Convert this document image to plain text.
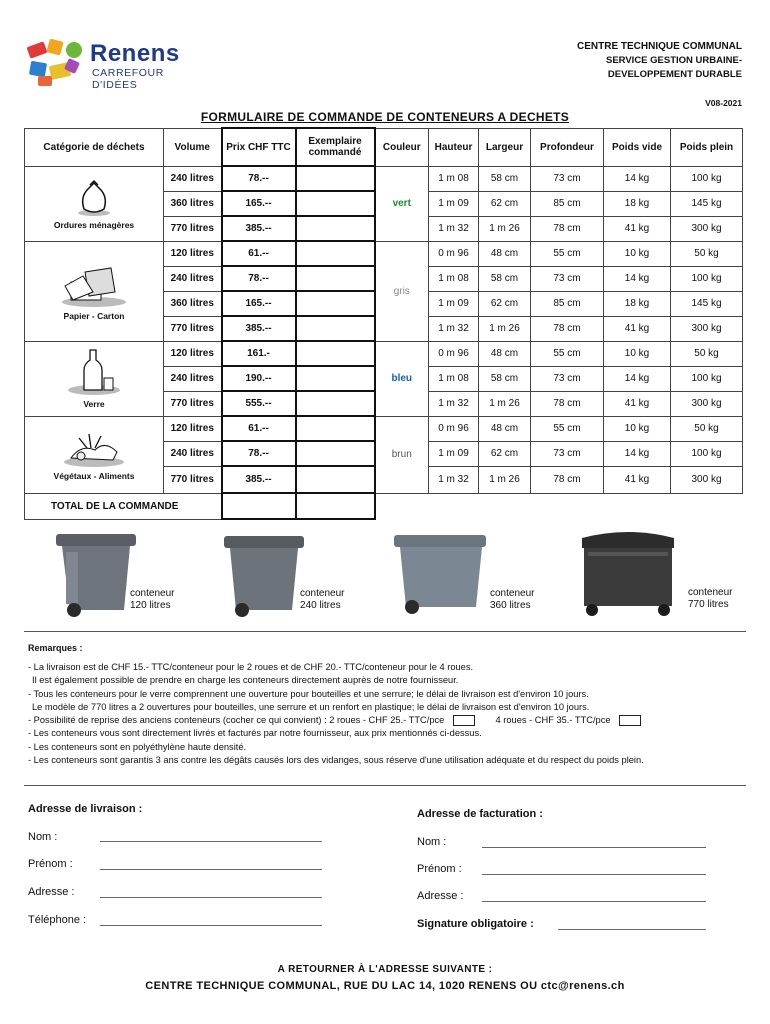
Renens
CARREFOUR D'IDÉES
CENTRE TECHNIQUE COMMUNAL
SERVICE GESTION URBAINE-
DEVELOPPEMENT DURABLE
V08-2021
FORMULAIRE DE COMMANDE DE CONTENEURS A DECHETS
Catégorie de déchets	Volume	Prix CHF TTC	Exemplaire commandé	Couleur	Hauteur	Largeur	Profondeur	Poids vide	Poids plein

Ordures ménagères	240 litres	78.--		vert	1 m 08	58 cm	73 cm	14 kg	100 kg
	360 litres	165.--			1 m 09	62 cm	85 cm	18 kg	145 kg
	770 litres	385.--			1 m 32	1 m 26	78 cm	41 kg	300 kg

Papier - Carton	120 litres	61.--		gris	0 m 96	48 cm	55 cm	10 kg	50 kg
	240 litres	78.--			1 m 08	58 cm	73 cm	14 kg	100 kg
	360 litres	165.--			1 m 09	62 cm	85 cm	18 kg	145 kg
	770 litres	385.--			1 m 32	1 m 26	78 cm	41 kg	300 kg

Verre	120 litres	161.-		bleu	0 m 96	48 cm	55 cm	10 kg	50 kg
	240 litres	190.--			1 m 08	58 cm	73 cm	14 kg	100 kg
	770 litres	555.--			1 m 32	1 m 26	78 cm	41 kg	300 kg

Végétaux - Aliments	120 litres	61.--		brun	0 m 96	48 cm	55 cm	10 kg	50 kg
	240 litres	78.--			1 m 09	62 cm	73 cm	14 kg	100 kg
	770 litres	385.--			1 m 32	1 m 26	78 cm	41 kg	300 kg
TOTAL DE LA COMMANDE									
conteneur
120 litres
conteneur
240 litres
conteneur
360 litres
conteneur
770 litres
Remarques :
- La livraison est de CHF 15.- TTC/conteneur pour le 2 roues et de CHF 20.- TTC/conteneur pour le 4 roues.
Il est également possible de prendre en charge les conteneurs directement auprès de notre fournisseur.
- Tous les conteneurs pour le verre comprennent une ouverture pour bouteilles et une serrure; le délai de livraison est d'environ 10 jours.
Le modèle de 770 litres a 2 ouvertures pour bouteilles, une serrure et un renfort en plastique; le délai de livraison est d'environ 10 jours.
- Possibilité de reprise des anciens conteneurs (cocher ce qui convient) : 2 roues - CHF 25.- TTC/pce	4 roues - CHF 35.- TTC/pce
- Les conteneurs vous sont directement livrés et facturés par notre fournisseur, aux prix mentionnés ci-dessus.
- Les conteneurs sont en polyéthylène haute densité.
- Les conteneurs sont garantis 3 ans contre les dégâts causés lors des vidanges, sous réserve d'une utilisation adéquate et du respect du poids plein.
Adresse de livraison :
Nom :
Prénom :
Adresse :
Téléphone :
Adresse de facturation :
Nom :
Prénom :
Adresse :
Signature obligatoire :
A RETOURNER À L'ADRESSE SUIVANTE :
CENTRE TECHNIQUE COMMUNAL, RUE DU LAC 14, 1020 RENENS OU ctc@renens.ch
